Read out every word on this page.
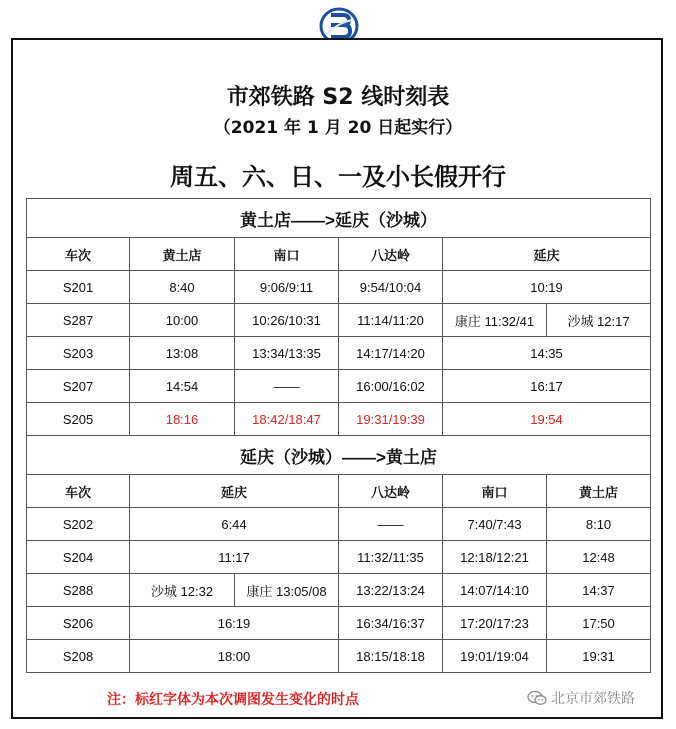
市郊铁路 S2 线时刻表
（2021 年 1 月 20 日起实行）
周五、六、日、一及小长假开行
黄土店——>延庆（沙城）					
车次	黄土店	南口	八达岭	延庆	
S201	8:40	9:06/9:11	9:54/10:04	10:19	
S287	10:00	10:26/10:31	11:14/11:20	康庄 11:32/41	沙城 12:17
S203	13:08	13:34/13:35	14:17/14:20	14:35	
S207	14:54	——	16:00/16:02	16:17	
S205	18:16	18:42/18:47	19:31/19:39	19:54	
延庆（沙城）——>黄土店					
车次	延庆		八达岭	南口	黄土店
S202	6:44		——	7:40/7:43	8:10
S204	11:17		11:32/11:35	12:18/12:21	12:48
S288	沙城 12:32	康庄 13:05/08	13:22/13:24	14:07/14:10	14:37
S206	16:19		16:34/16:37	17:20/17:23	17:50
S208	18:00		18:15/18:18	19:01/19:04	19:31
注：标红字体为本次调图发生变化的时点	北京市郊铁路
